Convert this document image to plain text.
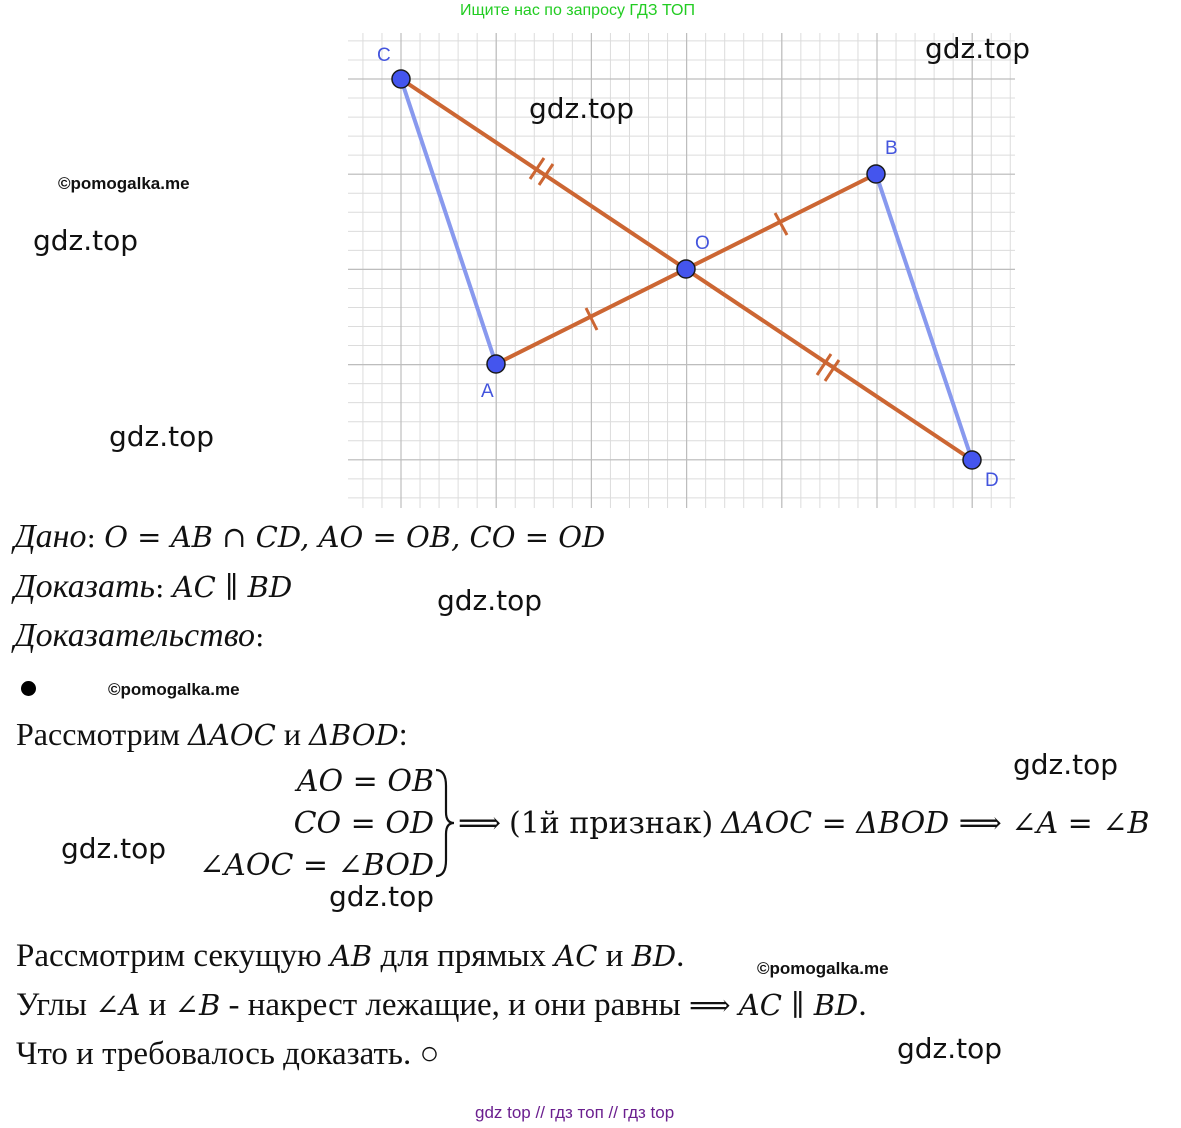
Ищите нас по запросу ГДЗ ТОП
C
B
O
A
D
gdz.top
gdz.top
©pomogalka.me
gdz.top
gdz.top
gdz.top
©pomogalka.me
gdz.top
gdz.top
gdz.top
©pomogalka.me
gdz.top
Дано: O = AB ∩ CD, AO = OB, CO = OD
Доказать: AC ∥ BD
Доказательство:
Рассмотрим ΔAOC и ΔBOD:
AO = OB
CO = OD
∠AOC = ∠BOD
⟹ (1й признак) ΔAOC = ΔBOD ⟹ ∠A = ∠B
Рассмотрим секущую AB для прямых AC и BD.
Углы ∠A и ∠B - накрест лежащие, и они равны ⟹ AC ∥ BD.
Что и требовалось доказать. ○
gdz top // гдз топ // гдз top
